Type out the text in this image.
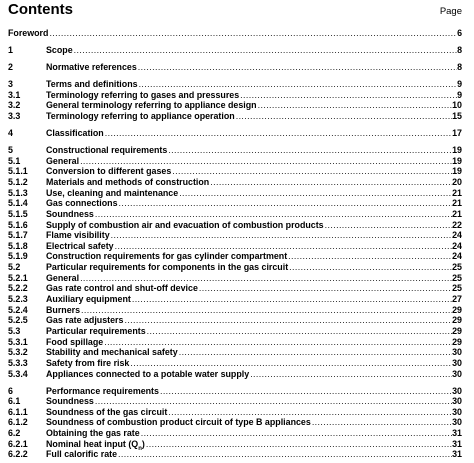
Contents	Page
Foreword .....	6
1	Scope .....	8
2	Normative references .....	8
3	Terms and definitions .....	9
3.1	Terminology referring to gases and pressures .....	9
3.2	General terminology referring to appliance design .....	10
3.3	Terminology referring to appliance operation .....	15
4	Classification .....	17
5	Constructional requirements .....	19
5.1	General .....	19
5.1.1	Conversion to different gases .....	19
5.1.2	Materials and methods of construction .....	20
5.1.3	Use, cleaning and maintenance .....	21
5.1.4	Gas connections .....	21
5.1.5	Soundness .....	21
5.1.6	Supply of combustion air and evacuation of combustion products .....	22
5.1.7	Flame visibility .....	24
5.1.8	Electrical safety .....	24
5.1.9	Construction requirements for gas cylinder compartment .....	24
5.2	Particular requirements for components in the gas circuit .....	25
5.2.1	General .....	25
5.2.2	Gas rate control and shut-off device .....	25
5.2.3	Auxiliary equipment .....	27
5.2.4	Burners .....	29
5.2.5	Gas rate adjusters .....	29
5.3	Particular requirements .....	29
5.3.1	Food spillage .....	29
5.3.2	Stability and mechanical safety .....	30
5.3.3	Safety from fire risk .....	30
5.3.4	Appliances connected to a potable water supply .....	30
6	Performance requirements .....	30
6.1	Soundness .....	30
6.1.1	Soundness of the gas circuit .....	30
6.1.2	Soundness of combustion product circuit of type B appliances .....	30
6.2	Obtaining the gas rate .....	31
6.2.1	Nominal heat input $(Q_n)$ .....	31
6.2.2	Full calorific rate .....	31
